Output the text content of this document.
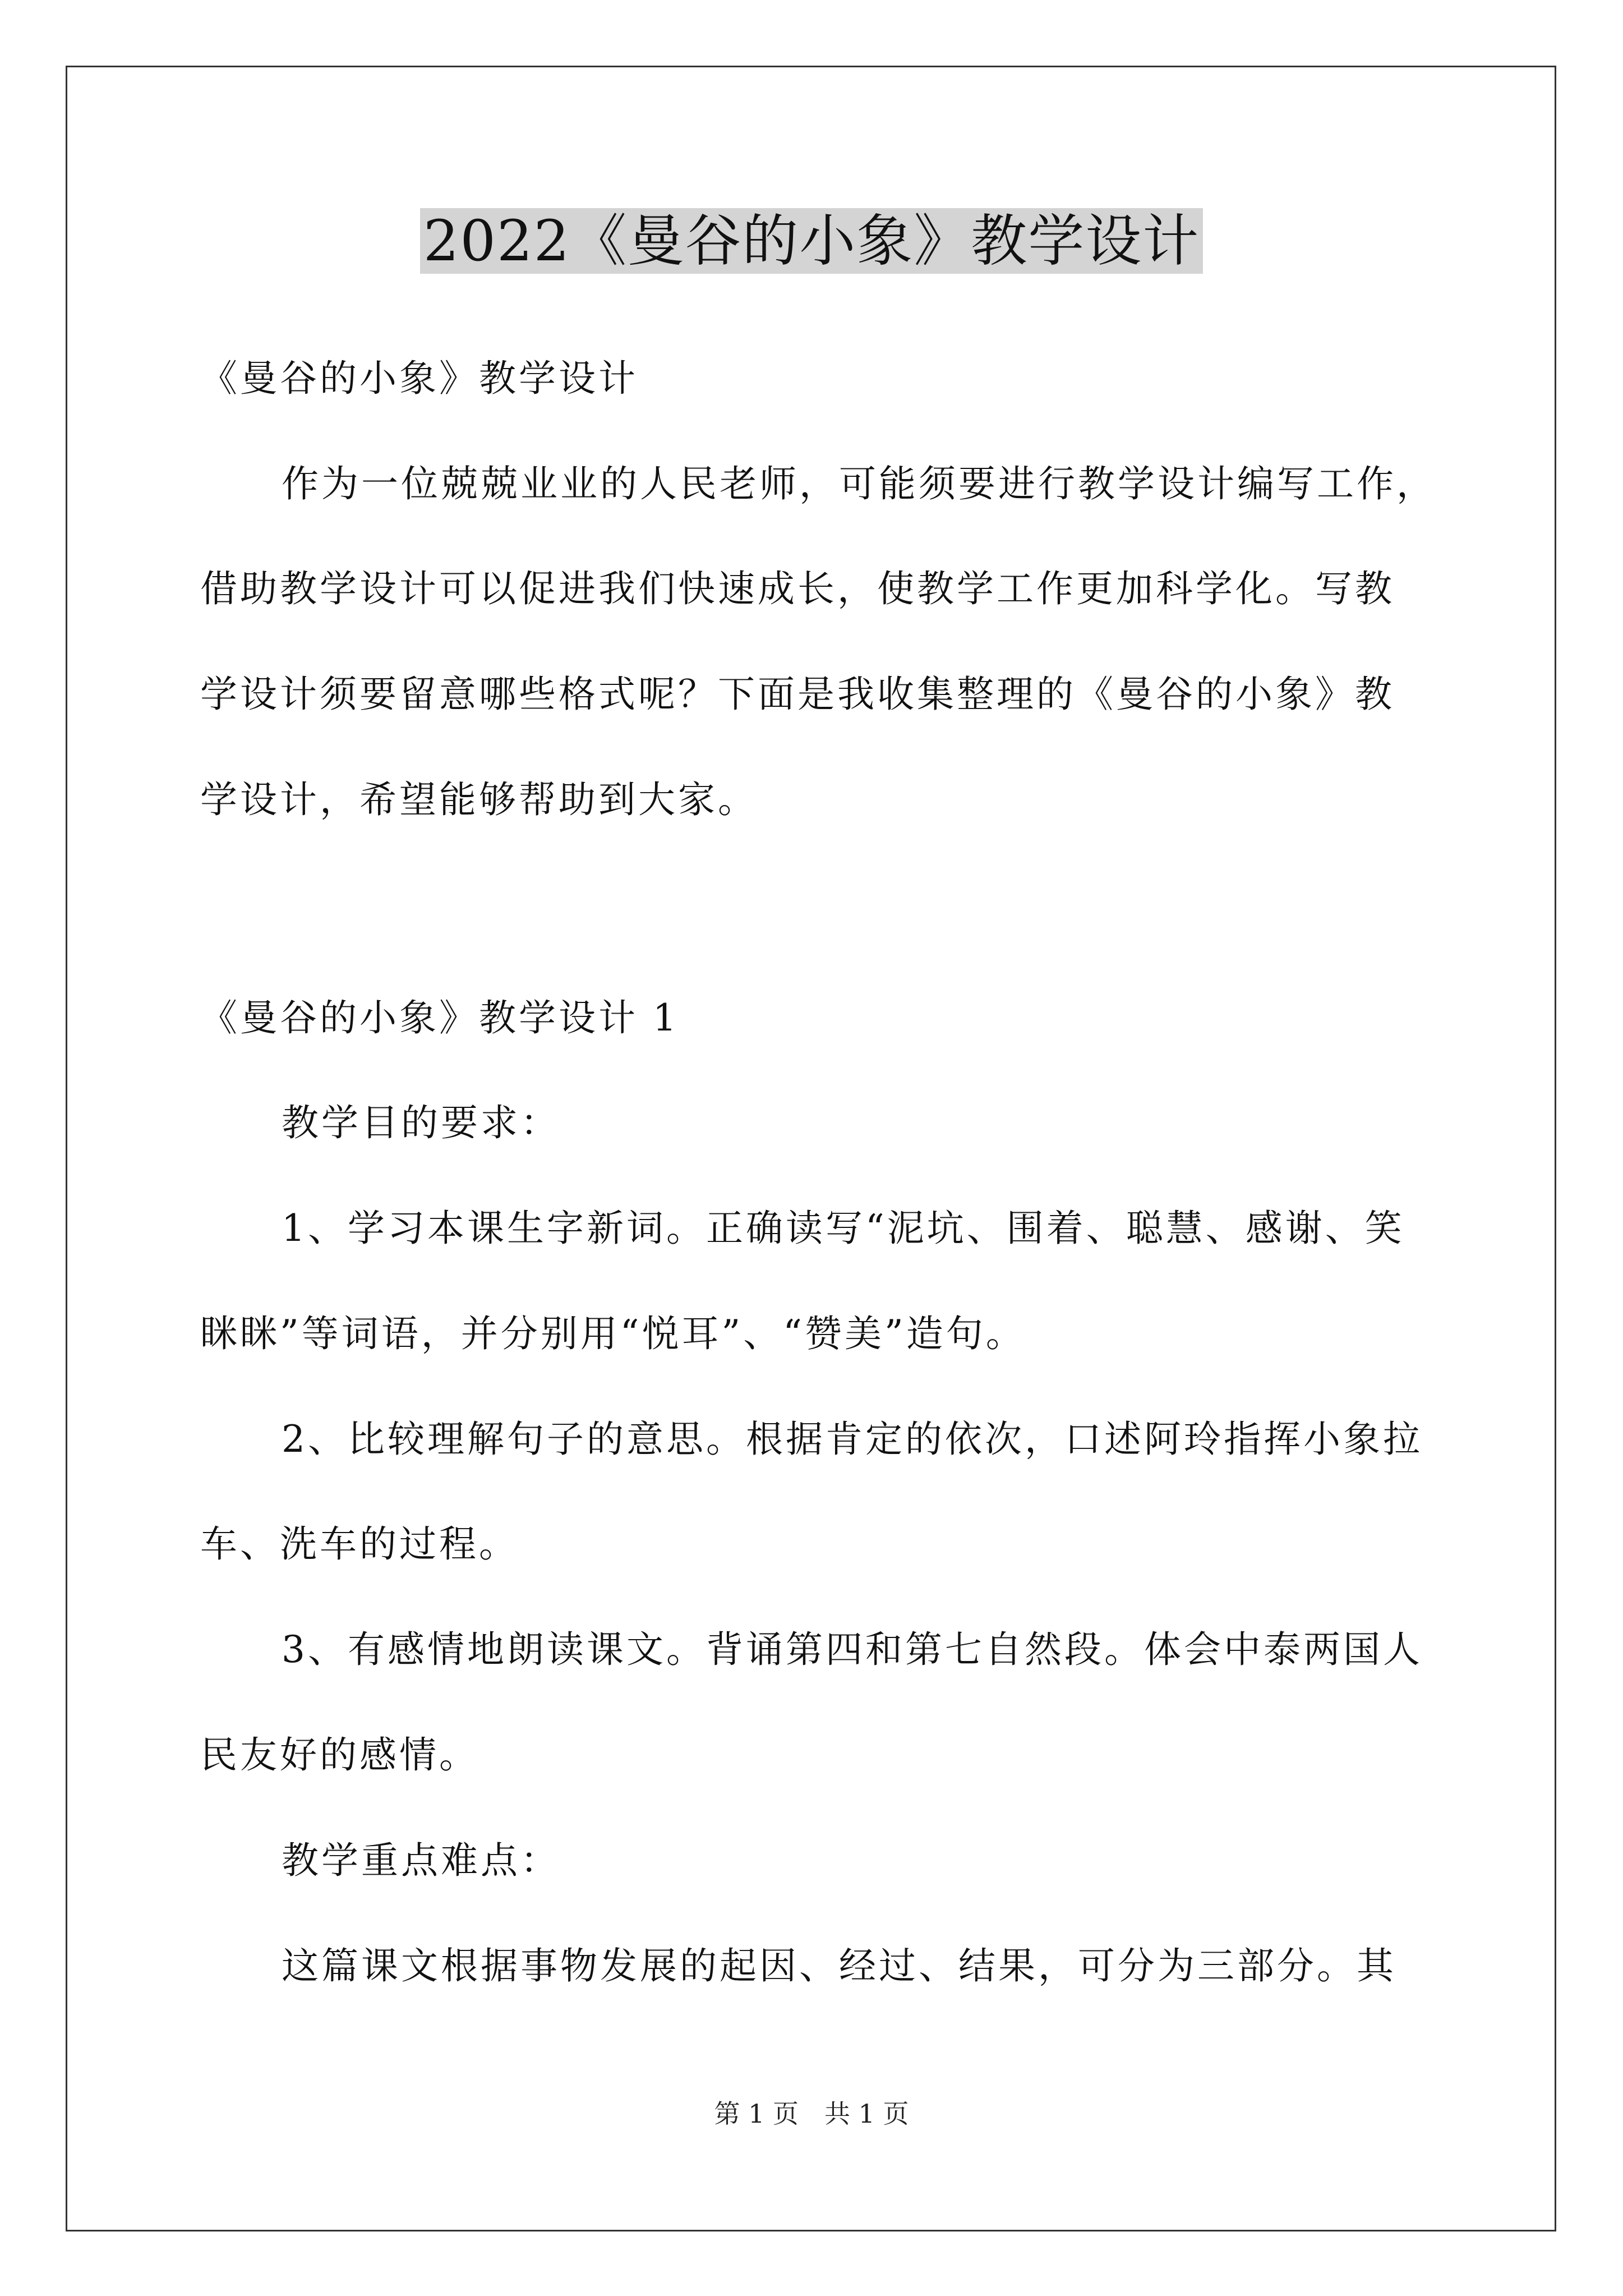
2022《曼谷的小象》教学设计
《曼谷的小象》教学设计
作为一位兢兢业业的人民老师，可能须要进行教学设计编写工作，
借助教学设计可以促进我们快速成长，使教学工作更加科学化。写教
学设计须要留意哪些格式呢？下面是我收集整理的《曼谷的小象》教
学设计，希望能够帮助到大家。
《曼谷的小象》教学设计 1
教学目的要求：
1、学习本课生字新词。正确读写“泥坑、围着、聪慧、感谢、笑
眯眯”等词语，并分别用“悦耳”、“赞美”造句。
2、比较理解句子的意思。根据肯定的依次，口述阿玲指挥小象拉
车、洗车的过程。
3、有感情地朗读课文。背诵第四和第七自然段。体会中泰两国人
民友好的感情。
教学重点难点：
这篇课文根据事物发展的起因、经过、结果，可分为三部分。其
第 1 页　共 1 页
